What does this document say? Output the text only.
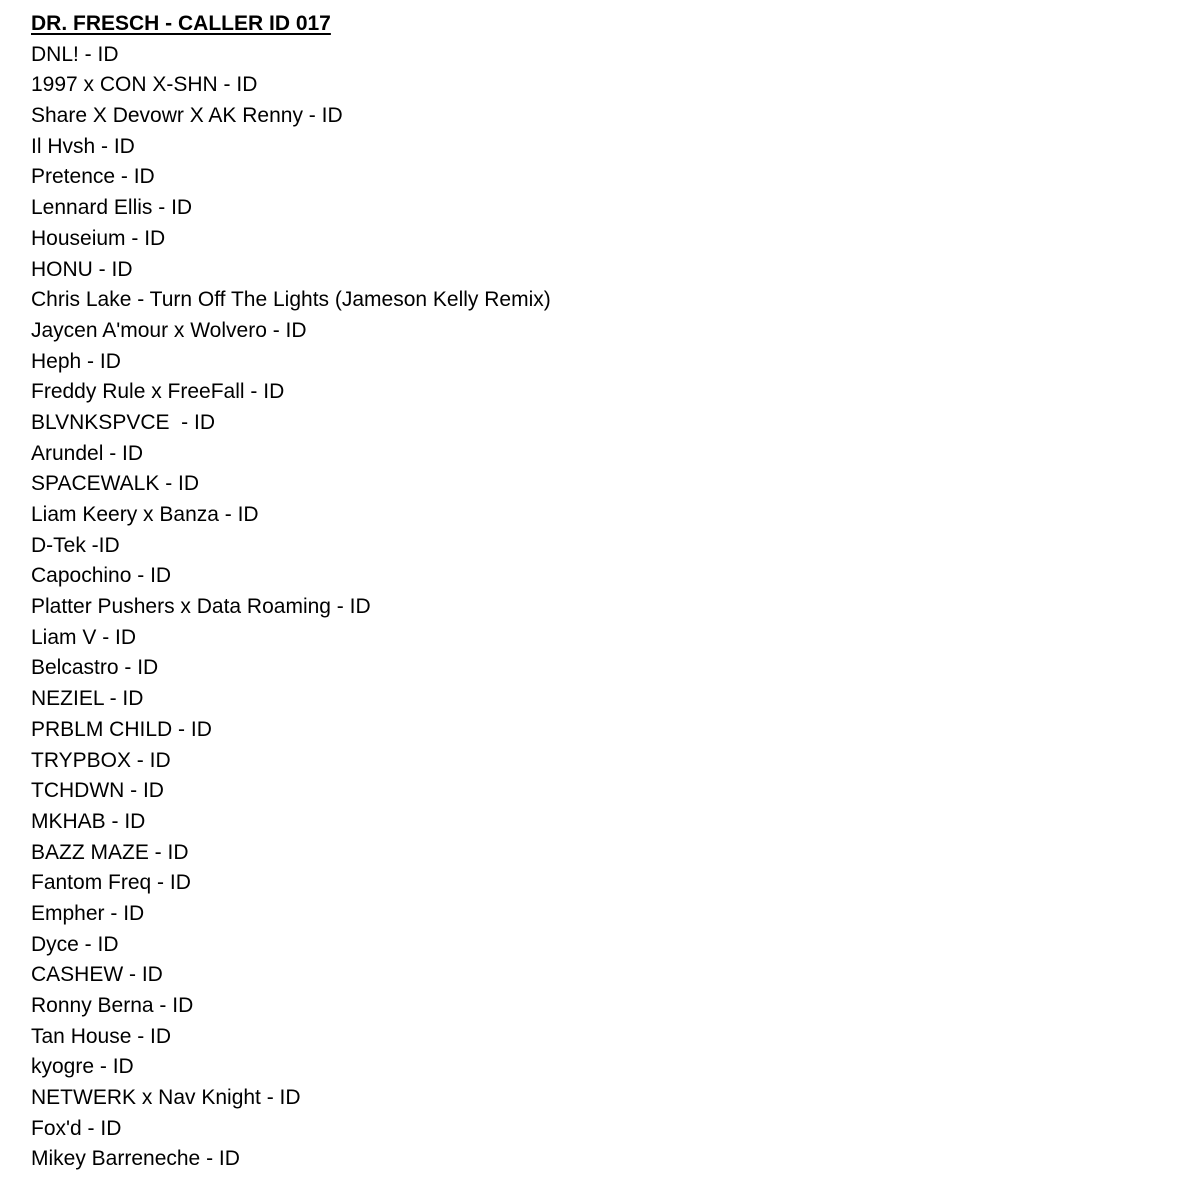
DR. FRESCH - CALLER ID 017
DNL! - ID
1997 x CON X-SHN - ID
Share X Devowr X AK Renny - ID
Il Hvsh - ID
Pretence - ID
Lennard Ellis - ID
Houseium - ID
HONU - ID
Chris Lake - Turn Off The Lights (Jameson Kelly Remix)
Jaycen A'mour x Wolvero - ID
Heph - ID
Freddy Rule x FreeFall - ID
BLVNKSPVCE  - ID
Arundel - ID
SPACEWALK - ID
Liam Keery x Banza - ID
D-Tek -ID
Capochino - ID
Platter Pushers x Data Roaming - ID
Liam V - ID
Belcastro - ID
NEZIEL - ID
PRBLM CHILD - ID
TRYPBOX - ID
TCHDWN - ID
MKHAB - ID
BAZZ MAZE - ID
Fantom Freq - ID
Empher - ID
Dyce - ID
CASHEW - ID
Ronny Berna - ID
Tan House - ID
kyogre - ID
NETWERK x Nav Knight - ID
Fox'd - ID
Mikey Barreneche - ID
